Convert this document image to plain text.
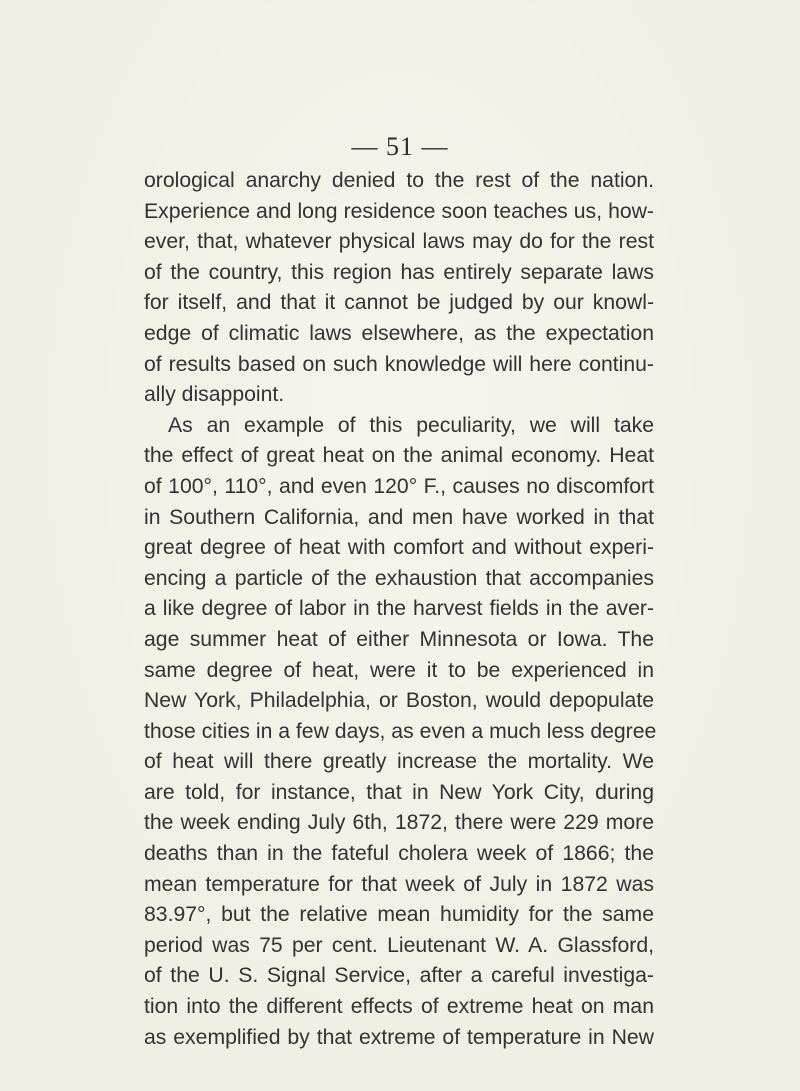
— 51 —
orological anarchy denied to the rest of the nation.
Experience and long residence soon teaches us, how-
ever, that, whatever physical laws may do for the rest
of the country, this region has entirely separate laws
for itself, and that it cannot be judged by our knowl-
edge of climatic laws elsewhere, as the expectation
of results based on such knowledge will here continu-
ally disappoint.
As an example of this peculiarity, we will take
the effect of great heat on the animal economy. Heat
of 100°, 110°, and even 120° F., causes no discomfort
in Southern California, and men have worked in that
great degree of heat with comfort and without experi-
encing a particle of the exhaustion that accompanies
a like degree of labor in the harvest fields in the aver-
age summer heat of either Minnesota or Iowa. The
same degree of heat, were it to be experienced in
New York, Philadelphia, or Boston, would depopulate
those cities in a few days, as even a much less degree
of heat will there greatly increase the mortality. We
are told, for instance, that in New York City, during
the week ending July 6th, 1872, there were 229 more
deaths than in the fateful cholera week of 1866; the
mean temperature for that week of July in 1872 was
83.97°, but the relative mean humidity for the same
period was 75 per cent. Lieutenant W. A. Glassford,
of the U. S. Signal Service, after a careful investiga-
tion into the different effects of extreme heat on man
as exemplified by that extreme of temperature in New
